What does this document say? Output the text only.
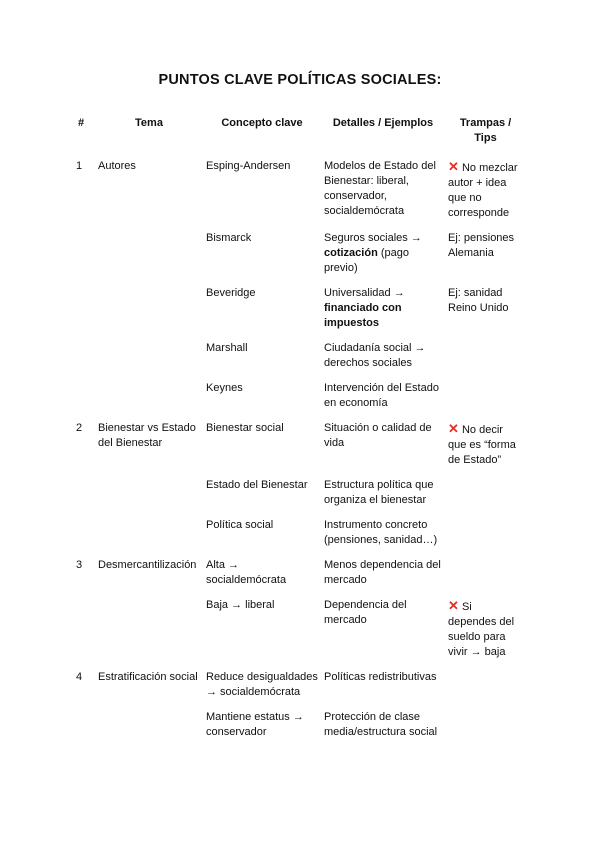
PUNTOS CLAVE POLÍTICAS SOCIALES:
#	Tema	Concepto clave	Detalles / Ejemplos	Trampas / Tips
1	Autores	Esping-Andersen	Modelos de Estado del Bienestar: liberal, conservador, socialdemócrata	✕ No mezclar autor + idea que no corresponde
		Bismarck	Seguros sociales → cotización (pago previo)	Ej: pensiones Alemania
		Beveridge	Universalidad → financiado con impuestos	Ej: sanidad Reino Unido
		Marshall	Ciudadanía social → derechos sociales	
		Keynes	Intervención del Estado en economía	
2	Bienestar vs Estado del Bienestar	Bienestar social	Situación o calidad de vida	✕ No decir que es “forma de Estado”
		Estado del Bienestar	Estructura política que organiza el bienestar	
		Política social	Instrumento concreto (pensiones, sanidad…)	
3	Desmercantilización	Alta → socialdemócrata	Menos dependencia del mercado	
		Baja → liberal	Dependencia del mercado	✕ Si dependes del sueldo para vivir → baja
4	Estratificación social	Reduce desigualdades → socialdemócrata	Políticas redistributivas	
		Mantiene estatus → conservador	Protección de clase media/estructura social	
